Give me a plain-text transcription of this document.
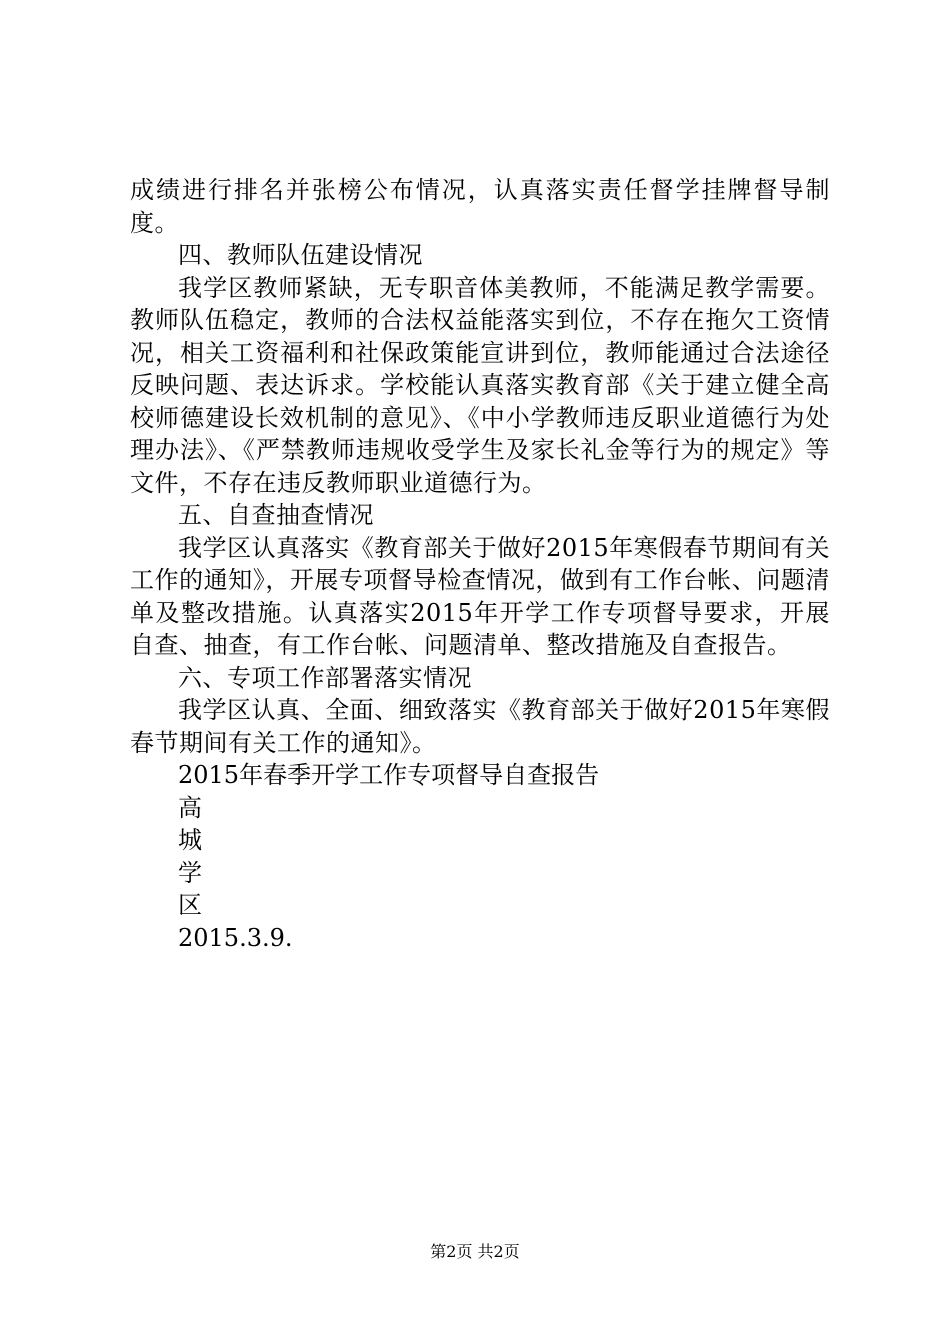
成绩进行排名并张榜公布情况，认真落实责任督学挂牌督导制度。

四、教师队伍建设情况

我学区教师紧缺，无专职音体美教师，不能满足教学需要。教师队伍稳定，教师的合法权益能落实到位，不存在拖欠工资情况，相关工资福利和社保政策能宣讲到位，教师能通过合法途径反映问题、表达诉求。学校能认真落实教育部《关于建立健全高校师德建设长效机制的意见》、《中小学教师违反职业道德行为处理办法》、《严禁教师违规收受学生及家长礼金等行为的规定》等文件，不存在违反教师职业道德行为。

五、自查抽查情况

我学区认真落实《教育部关于做好2015年寒假春节期间有关工作的通知》，开展专项督导检查情况，做到有工作台帐、问题清单及整改措施。认真落实2015年开学工作专项督导要求，开展自查、抽查，有工作台帐、问题清单、整改措施及自查报告。

六、专项工作部署落实情况

我学区认真、全面、细致落实《教育部关于做好2015年寒假春节期间有关工作的通知》。

2015年春季开学工作专项督导自查报告

高

城

学

区

2015.3.9.

第2页 共2页
